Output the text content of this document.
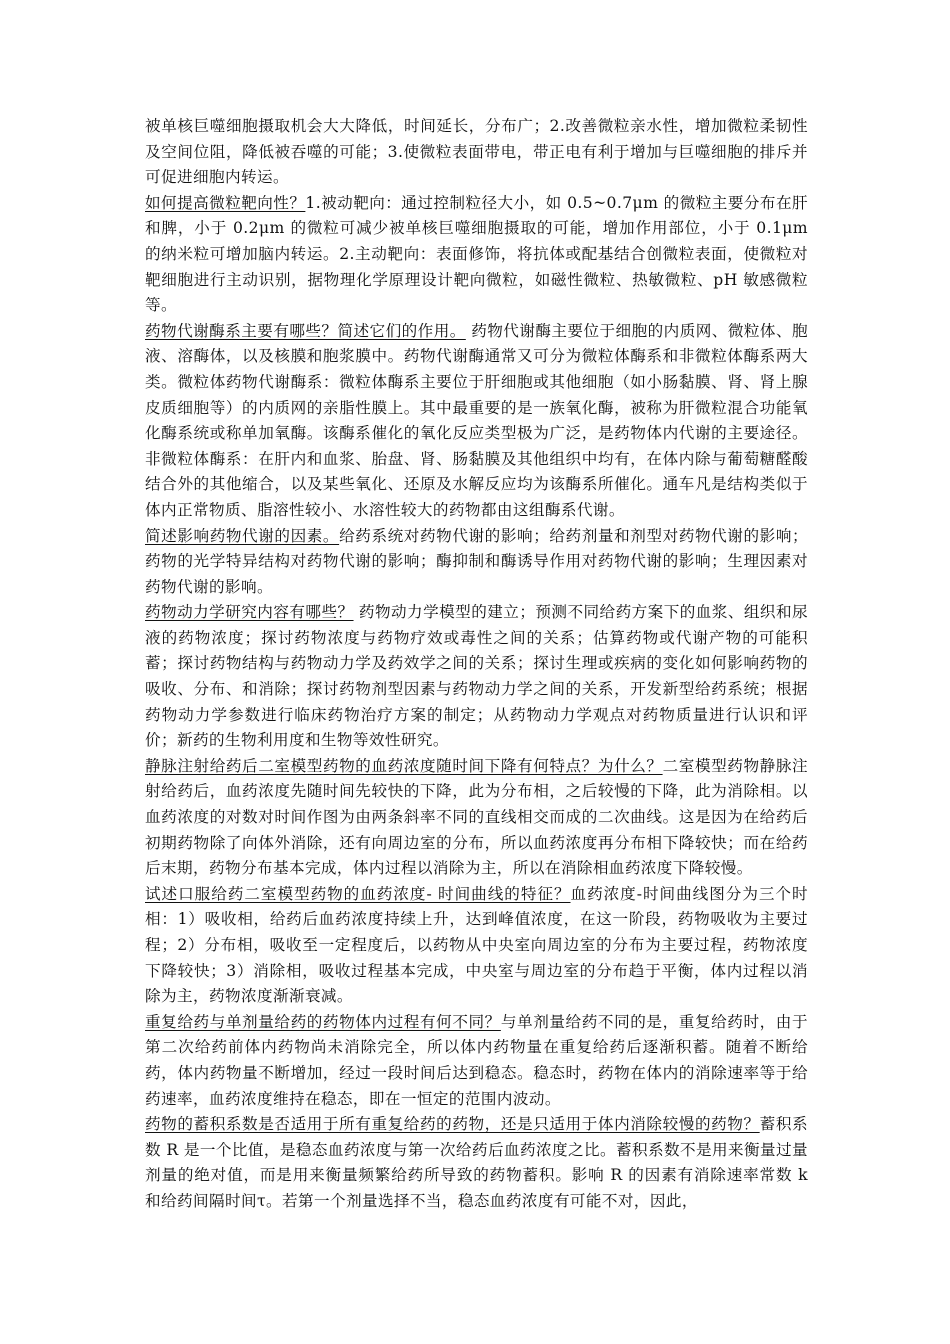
被单核巨噬细胞摄取机会大大降低，时间延长，分布广；2.改善微粒亲水性，增加微粒柔韧性及空间位阻，降低被吞噬的可能；3.使微粒表面带电，带正电有利于增加与巨噬细胞的排斥并可促进细胞内转运。

如何提高微粒靶向性？1.被动靶向：通过控制粒径大小，如 0.5~0.7μm 的微粒主要分布在肝和脾，小于 0.2μm 的微粒可减少被单核巨噬细胞摄取的可能，增加作用部位，小于 0.1μm 的纳米粒可增加脑内转运。2.主动靶向：表面修饰，将抗体或配基结合创微粒表面，使微粒对靶细胞进行主动识别，据物理化学原理设计靶向微粒，如磁性微粒、热敏微粒、pH 敏感微粒等。

药物代谢酶系主要有哪些？简述它们的作用。 药物代谢酶主要位于细胞的内质网、微粒体、胞液、溶酶体，以及核膜和胞浆膜中。药物代谢酶通常又可分为微粒体酶系和非微粒体酶系两大类。微粒体药物代谢酶系：微粒体酶系主要位于肝细胞或其他细胞（如小肠黏膜、肾、肾上腺皮质细胞等）的内质网的亲脂性膜上。其中最重要的是一族氧化酶，被称为肝微粒混合功能氧化酶系统或称单加氧酶。该酶系催化的氧化反应类型极为广泛，是药物体内代谢的主要途径。非微粒体酶系：在肝内和血浆、胎盘、肾、肠黏膜及其他组织中均有，在体内除与葡萄糖醛酸结合外的其他缩合，以及某些氧化、还原及水解反应均为该酶系所催化。通车凡是结构类似于体内正常物质、脂溶性较小、水溶性较大的药物都由这组酶系代谢。

简述影响药物代谢的因素。给药系统对药物代谢的影响；给药剂量和剂型对药物代谢的影响；药物的光学特异结构对药物代谢的影响；酶抑制和酶诱导作用对药物代谢的影响；生理因素对药物代谢的影响。

药物动力学研究内容有哪些？ 药物动力学模型的建立；预测不同给药方案下的血浆、组织和尿液的药物浓度；探讨药物浓度与药物疗效或毒性之间的关系；估算药物或代谢产物的可能积蓄；探讨药物结构与药物动力学及药效学之间的关系；探讨生理或疾病的变化如何影响药物的吸收、分布、和消除；探讨药物剂型因素与药物动力学之间的关系，开发新型给药系统；根据药物动力学参数进行临床药物治疗方案的制定；从药物动力学观点对药物质量进行认识和评价；新药的生物利用度和生物等效性研究。

静脉注射给药后二室模型药物的血药浓度随时间下降有何特点？为什么？二室模型药物静脉注射给药后，血药浓度先随时间先较快的下降，此为分布相，之后较慢的下降，此为消除相。以血药浓度的对数对时间作图为由两条斜率不同的直线相交而成的二次曲线。这是因为在给药后初期药物除了向体外消除，还有向周边室的分布，所以血药浓度再分布相下降较快；而在给药后末期，药物分布基本完成，体内过程以消除为主，所以在消除相血药浓度下降较慢。

试述口服给药二室模型药物的血药浓度- 时间曲线的特征？血药浓度-时间曲线图分为三个时相：1）吸收相，给药后血药浓度持续上升，达到峰值浓度，在这一阶段，药物吸收为主要过程；2）分布相，吸收至一定程度后，以药物从中央室向周边室的分布为主要过程，药物浓度下降较快；3）消除相，吸收过程基本完成，中央室与周边室的分布趋于平衡，体内过程以消除为主，药物浓度渐渐衰减。

重复给药与单剂量给药的药物体内过程有何不同？与单剂量给药不同的是，重复给药时，由于第二次给药前体内药物尚未消除完全，所以体内药物量在重复给药后逐渐积蓄。随着不断给药，体内药物量不断增加，经过一段时间后达到稳态。稳态时，药物在体内的消除速率等于给药速率，血药浓度维持在稳态，即在一恒定的范围内波动。

药物的蓄积系数是否适用于所有重复给药的药物，还是只适用于体内消除较慢的药物？蓄积系数 R 是一个比值，是稳态血药浓度与第一次给药后血药浓度之比。蓄积系数不是用来衡量过量剂量的绝对值，而是用来衡量频繁给药所导致的药物蓄积。影响 R 的因素有消除速率常数 k 和给药间隔时间τ。若第一个剂量选择不当，稳态血药浓度有可能不对，因此，
